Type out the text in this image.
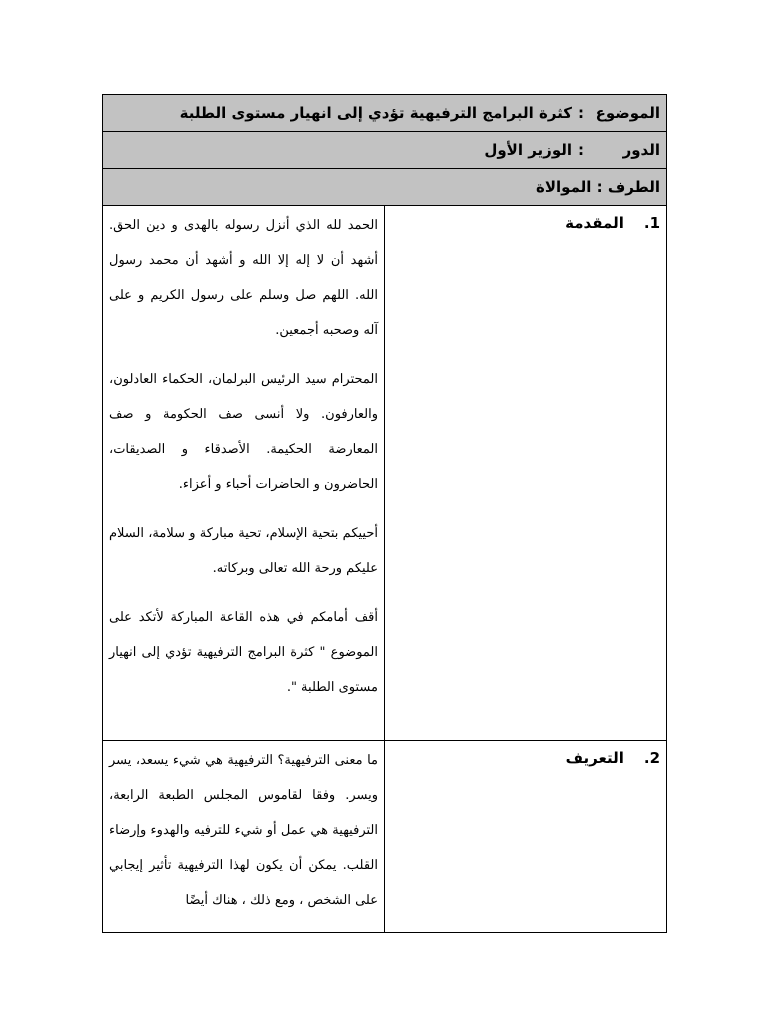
الموضوع:كثرة البرامج الترفيهية تؤدي إلى انهيار مستوى الطلبة	
الدور:الوزير الأول	
الطرف : الموالاة	
1.المقدمة	الحمد لله الذي أنزل رسوله بالهدى و دين الحق. أشهد أن لا إله إلا الله و أشهد أن محمد رسول الله. اللهم صل وسلم على رسول الكريم و على آله وصحبه أجمعين.

المحترام سيد الرئيس البرلمان، الحكماء العادلون، والعارفون. ولا أنسى صف الحكومة و صف المعارضة الحكيمة. الأصدقاء و الصديقات، الحاضرون و الحاضرات أحباء و أعزاء.

أحييكم بتحية الإسلام، تحية مباركة و سلامة، السلام عليكم ورحة الله تعالى وبركاته.

أقف أمامكم في هذه القاعة المباركة لأتكد على الموضوع " كثرة البرامج الترفيهية تؤدي إلى انهيار مستوى الطلبة ".

2.التعريف	ما معنى الترفيهية؟ الترفيهية هي شيء يسعد، يسر ويسر. وفقا لقاموس المجلس الطبعة الرابعة، الترفيهية هي عمل أو شيء للترفيه والهدوء وإرضاء القلب. يمكن أن يكون لهذا الترفيهية تأثير إيجابي على الشخص ، ومع ذلك ، هناك أيضًا
